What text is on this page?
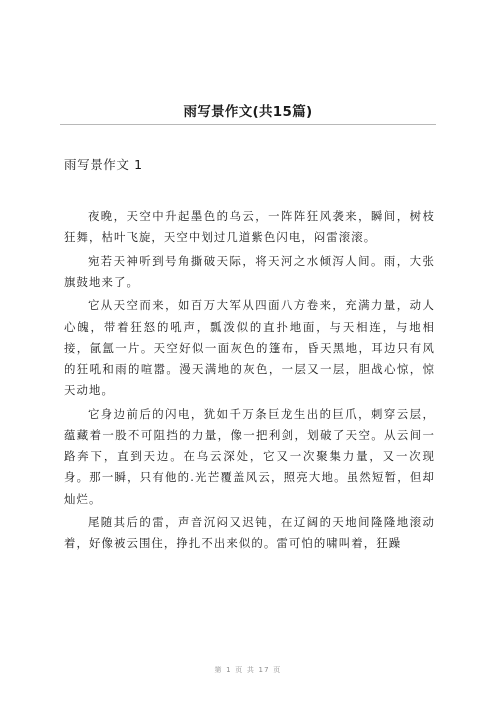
雨写景作文(共15篇)
雨写景作文 1

夜晚，天空中升起墨色的乌云，一阵阵狂风袭来，瞬间，树枝狂舞，枯叶飞旋，天空中划过几道紫色闪电，闷雷滚滚。

宛若天神听到号角撕破天际，将天河之水倾泻人间。雨，大张旗鼓地来了。

它从天空而来，如百万大军从四面八方卷来，充满力量，动人心魄，带着狂怒的吼声，瓢泼似的直扑地面，与天相连，与地相接，氤氲一片。天空好似一面灰色的篷布，昏天黑地，耳边只有风的狂吼和雨的喧嚣。漫天满地的灰色，一层又一层，胆战心惊，惊天动地。

它身边前后的闪电，犹如千万条巨龙生出的巨爪，刺穿云层，蕴藏着一股不可阻挡的力量，像一把利剑，划破了天空。从云间一路奔下，直到天边。在乌云深处，它又一次聚集力量，又一次现身。那一瞬，只有他的.光芒覆盖风云，照亮大地。虽然短暂，但却灿烂。

尾随其后的雷，声音沉闷又迟钝，在辽阔的天地间隆隆地滚动着，好像被云围住，挣扎不出来似的。雷可怕的啸叫着，狂躁

第 1 页 共 17 页
